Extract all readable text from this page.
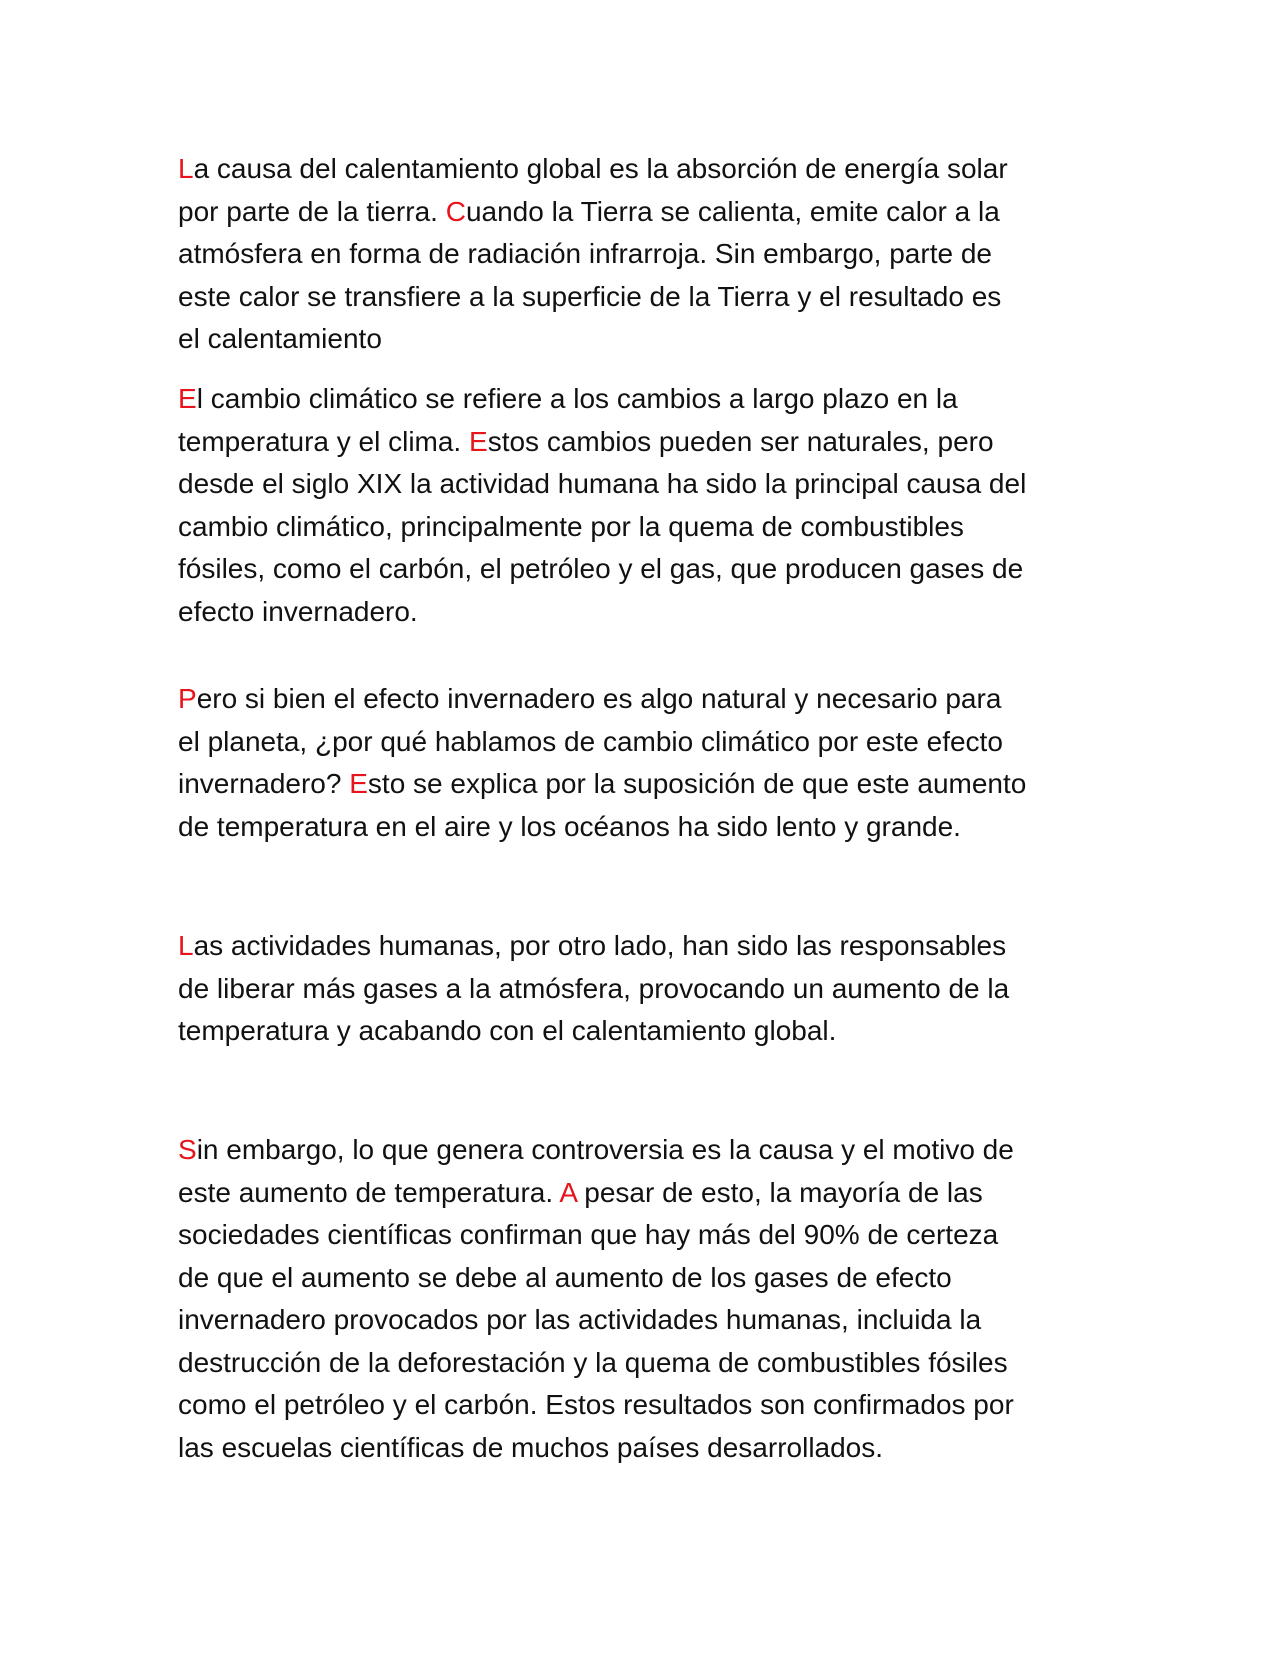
La causa del calentamiento global es la absorción de energía solar
por parte de la tierra. Cuando la Tierra se calienta, emite calor a la
atmósfera en forma de radiación infrarroja. Sin embargo, parte de
este calor se transfiere a la superficie de la Tierra y el resultado es
el calentamiento

El cambio climático se refiere a los cambios a largo plazo en la
temperatura y el clima. Estos cambios pueden ser naturales, pero
desde el siglo XIX la actividad humana ha sido la principal causa del
cambio climático, principalmente por la quema de combustibles
fósiles, como el carbón, el petróleo y el gas, que producen gases de
efecto invernadero.

Pero si bien el efecto invernadero es algo natural y necesario para
el planeta, ¿por qué hablamos de cambio climático por este efecto
invernadero? Esto se explica por la suposición de que este aumento
de temperatura en el aire y los océanos ha sido lento y grande.

Las actividades humanas, por otro lado, han sido las responsables
de liberar más gases a la atmósfera, provocando un aumento de la
temperatura y acabando con el calentamiento global.

Sin embargo, lo que genera controversia es la causa y el motivo de
este aumento de temperatura. A pesar de esto, la mayoría de las
sociedades científicas confirman que hay más del 90% de certeza
de que el aumento se debe al aumento de los gases de efecto
invernadero provocados por las actividades humanas, incluida la
destrucción de la deforestación y la quema de combustibles fósiles
como el petróleo y el carbón. Estos resultados son confirmados por
las escuelas científicas de muchos países desarrollados.
